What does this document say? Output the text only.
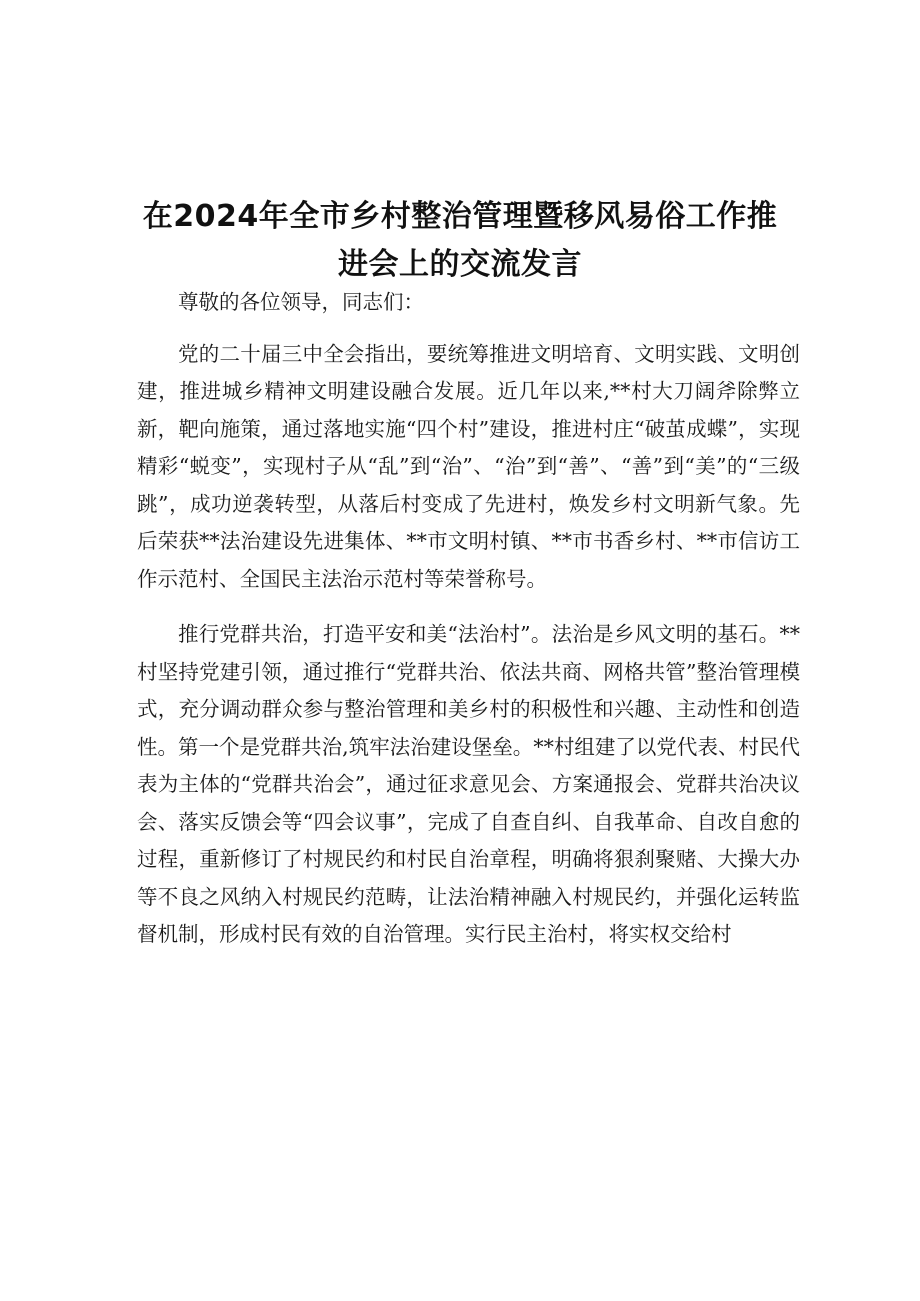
在2024年全市乡村整治管理暨移风易俗工作推
进会上的交流发言

尊敬的各位领导，同志们：

党的二十届三中全会指出，要统筹推进文明培育、文明实践、文明创建，推进城乡精神文明建设融合发展。近几年以来,**村大刀阔斧除弊立新，靶向施策，通过落地实施“四个村”建设，推进村庄“破茧成蝶”，实现精彩“蜕变”，实现村子从“乱”到“治”、“治”到“善”、“善”到“美”的“三级跳”，成功逆袭转型，从落后村变成了先进村，焕发乡村文明新气象。先后荣获**法治建设先进集体、**市文明村镇、**市书香乡村、**市信访工作示范村、全国民主法治示范村等荣誉称号。

推行党群共治，打造平安和美“法治村”。法治是乡风文明的基石。**村坚持党建引领，通过推行“党群共治、依法共商、网格共管”整治管理模式，充分调动群众参与整治管理和美乡村的积极性和兴趣、主动性和创造性。第一个是党群共治,筑牢法治建设堡垒。**村组建了以党代表、村民代表为主体的“党群共治会”，通过征求意见会、方案通报会、党群共治决议会、落实反馈会等“四会议事”，完成了自查自纠、自我革命、自改自愈的过程，重新修订了村规民约和村民自治章程，明确将狠刹聚赌、大操大办等不良之风纳入村规民约范畴，让法治精神融入村规民约，并强化运转监督机制，形成村民有效的自治管理。实行民主治村，将实权交给村
